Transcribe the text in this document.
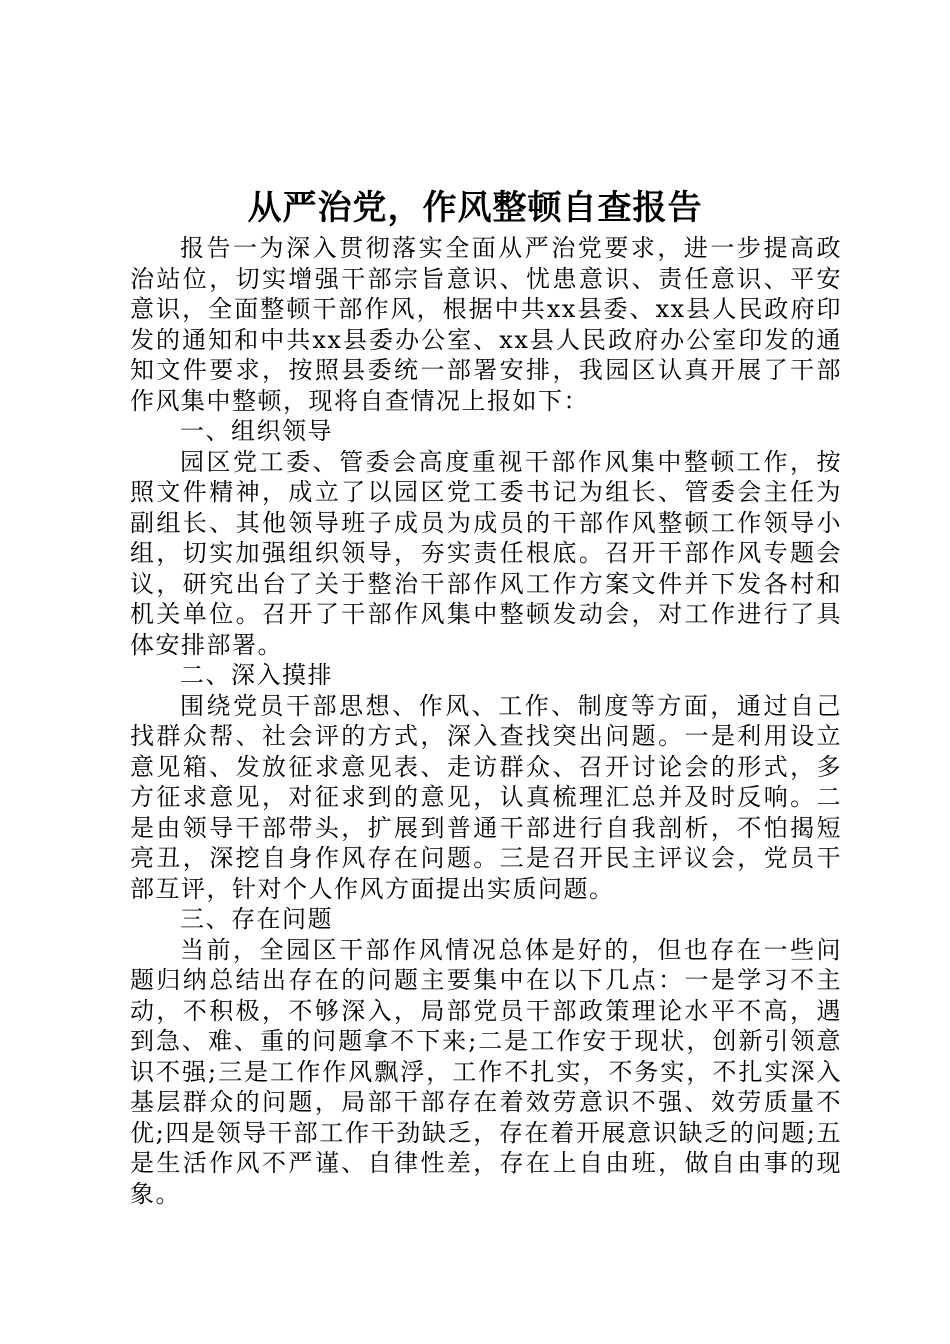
从严治党，作风整顿自查报告

报告一为深入贯彻落实全面从严治党要求，进一步提高政治站位，切实增强干部宗旨意识、忧患意识、责任意识、平安意识，全面整顿干部作风，根据中共xx县委、xx县人民政府印发的通知和中共xx县委办公室、xx县人民政府办公室印发的通知文件要求，按照县委统一部署安排，我园区认真开展了干部作风集中整顿，现将自查情况上报如下：

一、组织领导

园区党工委、管委会高度重视干部作风集中整顿工作，按照文件精神，成立了以园区党工委书记为组长、管委会主任为副组长、其他领导班子成员为成员的干部作风整顿工作领导小组，切实加强组织领导，夯实责任根底。召开干部作风专题会议，研究出台了关于整治干部作风工作方案文件并下发各村和机关单位。召开了干部作风集中整顿发动会，对工作进行了具体安排部署。

二、深入摸排

围绕党员干部思想、作风、工作、制度等方面，通过自己找群众帮、社会评的方式，深入查找突出问题。一是利用设立意见箱、发放征求意见表、走访群众、召开讨论会的形式，多方征求意见，对征求到的意见，认真梳理汇总并及时反响。二是由领导干部带头，扩展到普通干部进行自我剖析，不怕揭短亮丑，深挖自身作风存在问题。三是召开民主评议会，党员干部互评，针对个人作风方面提出实质问题。

三、存在问题

当前，全园区干部作风情况总体是好的，但也存在一些问题归纳总结出存在的问题主要集中在以下几点：一是学习不主动，不积极，不够深入，局部党员干部政策理论水平不高，遇到急、难、重的问题拿不下来;二是工作安于现状，创新引领意识不强;三是工作作风飘浮，工作不扎实，不务实，不扎实深入基层群众的问题，局部干部存在着效劳意识不强、效劳质量不优;四是领导干部工作干劲缺乏，存在着开展意识缺乏的问题;五是生活作风不严谨、自律性差，存在上自由班，做自由事的现象。
